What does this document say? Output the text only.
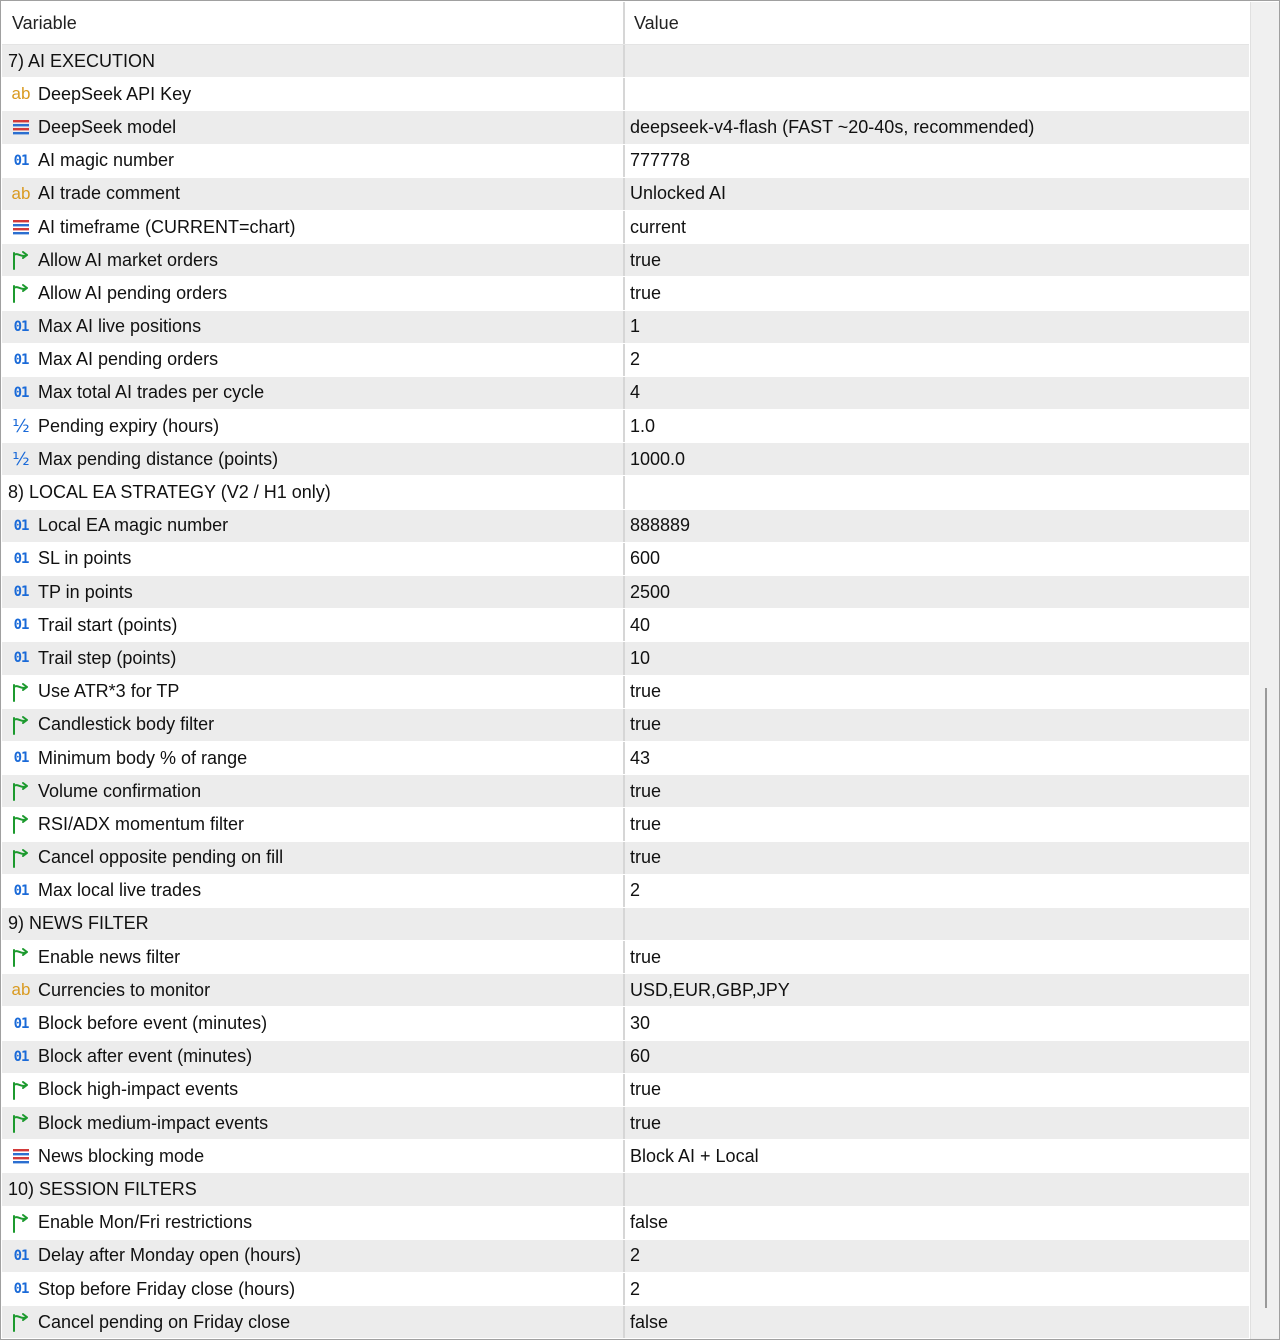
Variable	Value
7) AI EXECUTION
ab DeepSeek API Key
DeepSeek model	deepseek-v4-flash (FAST ~20-40s, recommended)
01 AI magic number	777778
ab AI trade comment	Unlocked AI
AI timeframe (CURRENT=chart)	current
Allow AI market orders	true
Allow AI pending orders	true
01 Max AI live positions	1
01 Max AI pending orders	2
01 Max total AI trades per cycle	4
½ Pending expiry (hours)	1.0
½ Max pending distance (points)	1000.0
8) LOCAL EA STRATEGY (V2 / H1 only)
01 Local EA magic number	888889
01 SL in points	600
01 TP in points	2500
01 Trail start (points)	40
01 Trail step (points)	10
Use ATR*3 for TP	true
Candlestick body filter	true
01 Minimum body % of range	43
Volume confirmation	true
RSI/ADX momentum filter	true
Cancel opposite pending on fill	true
01 Max local live trades	2
9) NEWS FILTER
Enable news filter	true
ab Currencies to monitor	USD,EUR,GBP,JPY
01 Block before event (minutes)	30
01 Block after event (minutes)	60
Block high-impact events	true
Block medium-impact events	true
News blocking mode	Block AI + Local
10) SESSION FILTERS
Enable Mon/Fri restrictions	false
01 Delay after Monday open (hours)	2
01 Stop before Friday close (hours)	2
Cancel pending on Friday close	false
